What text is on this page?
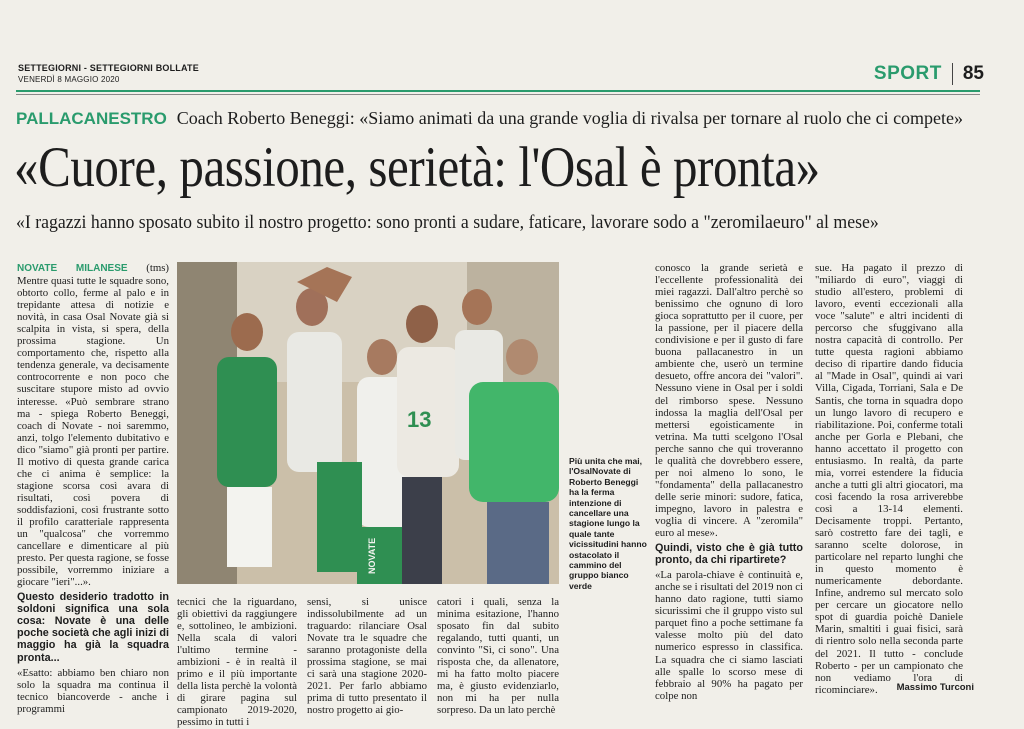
SETTEGIORNI - SETTEGIORNI BOLLATE
VENERDÌ 8 MAGGIO 2020	SPORT 85
PALLACANESTRO Coach Roberto Beneggi: «Siamo animati da una grande voglia di rivalsa per tornare al ruolo che ci compete»
«Cuore, passione, serietà: l'Osal è pronta»
«I ragazzi hanno sposato subito il nostro progetto: sono pronti a sudare, faticare, lavorare sodo a "zeromilaeuro" al mese»

NOVATE MILANESE (tms) Mentre quasi tutte le squadre sono, obtorto collo, ferme al palo e in trepidante attesa di notizie e novità, in casa Osal Novate già si scalpita in vista, si spera, della prossima stagione. Un comportamento che, rispetto alla tendenza generale, va decisamente controcorrente e non poco che suscitare stupore misto ad ovvio interesse. «Può sembrare strano ma - spiega Roberto Beneggi, coach di Novate - noi saremmo, anzi, tolgo l'elemento dubitativo e dico "siamo" già pronti per partire. Il motivo di questa grande carica che ci anima è semplice: la stagione scorsa così avara di risultati, così povera di soddisfazioni, così frustrante sotto il profilo caratteriale rappresenta un "qualcosa" che vorremmo cancellare e dimenticare al più presto. Per questa ragione, se fosse possibile, vorremmo iniziare a giocare "ieri"...».

Questo desiderio tradotto in soldoni significa una sola cosa: Novate è una delle poche società che agli inizi di maggio ha già la squadra pronta...

«Esatto: abbiamo ben chiaro non solo la squadra ma continua il tecnico biancoverde - anche i programmi

13
NOVATE
Più unita che mai, l'OsalNovate di Roberto Beneggi ha la ferma intenzione di cancellare una stagione lungo la quale tante vicissitudini hanno ostacolato il cammino del gruppo bianco verde

tecnici che la riguardano, gli obiettivi da raggiungere e, sottolineo, le ambizioni. Nella scala di valori l'ultimo termine - ambizioni - è in realtà il primo e il più importante della lista perchè la volontà di girare pagina sul campionato 2019-2020, pessimo in tutti i

sensi, si unisce indissolubilmente ad un traguardo: rilanciare Osal Novate tra le squadre che saranno protagoniste della prossima stagione, se mai ci sarà una stagione 2020-2021. Per farlo abbiamo prima di tutto presentato il nostro progetto ai gio-

catori i quali, senza la minima esitazione, l'hanno sposato fin dal subito regalando, tutti quanti, un convinto "Sì, ci sono". Una risposta che, da allenatore, mi ha fatto molto piacere ma, è giusto evidenziarlo, non mi ha per nulla sorpreso. Da un lato perchè

conosco la grande serietà e l'eccellente professionalità dei miei ragazzi. Dall'altro perchè so benissimo che ognuno di loro gioca soprattutto per il cuore, per la passione, per il piacere della condivisione e per il gusto di fare buona pallacanestro in un ambiente che, userò un termine desueto, offre ancora dei "valori". Nessuno viene in Osal per i soldi del rimborso spese. Nessuno indossa la maglia dell'Osal per mettersi egoisticamente in vetrina. Ma tutti scelgono l'Osal perche sanno che qui troveranno le qualità che dovrebbero essere, per noi almeno lo sono, le "fondamenta" della pallacanestro delle serie minori: sudore, fatica, impegno, lavoro in palestra e voglia di vincere. A "zeromila" euro al mese».

Quindi, visto che è già tutto pronto, da chi ripartirete?

«La parola-chiave è continuità e, anche se i risultati del 2019 non ci hanno dato ragione, tutti siamo sicurissimi che il gruppo visto sul parquet fino a poche settimane fa valesse molto più del dato numerico espresso in classifica. La squadra che ci siamo lasciati alle spalle lo scorso mese di febbraio al 90% ha pagato per colpe non

sue. Ha pagato il prezzo di "miliardo di euro", viaggi di studio all'estero, problemi di lavoro, eventi eccezionali alla voce "salute" e altri incidenti di percorso che sfuggivano alla nostra capacità di controllo. Per tutte questa ragioni abbiamo deciso di ripartire dando fiducia al "Made in Osal", quindi ai vari Villa, Cigada, Torriani, Sala e De Santis, che torna in squadra dopo un lungo lavoro di recupero e riabilitazione. Poi, conferme totali anche per Gorla e Plebani, che hanno accettato il progetto con entusiasmo. In realtà, da parte mia, vorrei estendere la fiducia anche a tutti gli altri giocatori, ma così facendo la rosa arriverebbe così a 13-14 elementi. Decisamente troppi. Pertanto, sarò costretto fare dei tagli, e saranno scelte dolorose, in particolare nel reparto lunghi che in questo momento è numericamente debordante. Infine, andremo sul mercato solo per cercare un giocatore nello spot di guardia poichè Daniele Marin, smaltiti i guai fisici, sarà di rientro solo nella seconda parte del 2021. Il tutto - conclude Roberto - per un campionato che non vediamo l'ora di ricominciare».	Massimo Turconi
